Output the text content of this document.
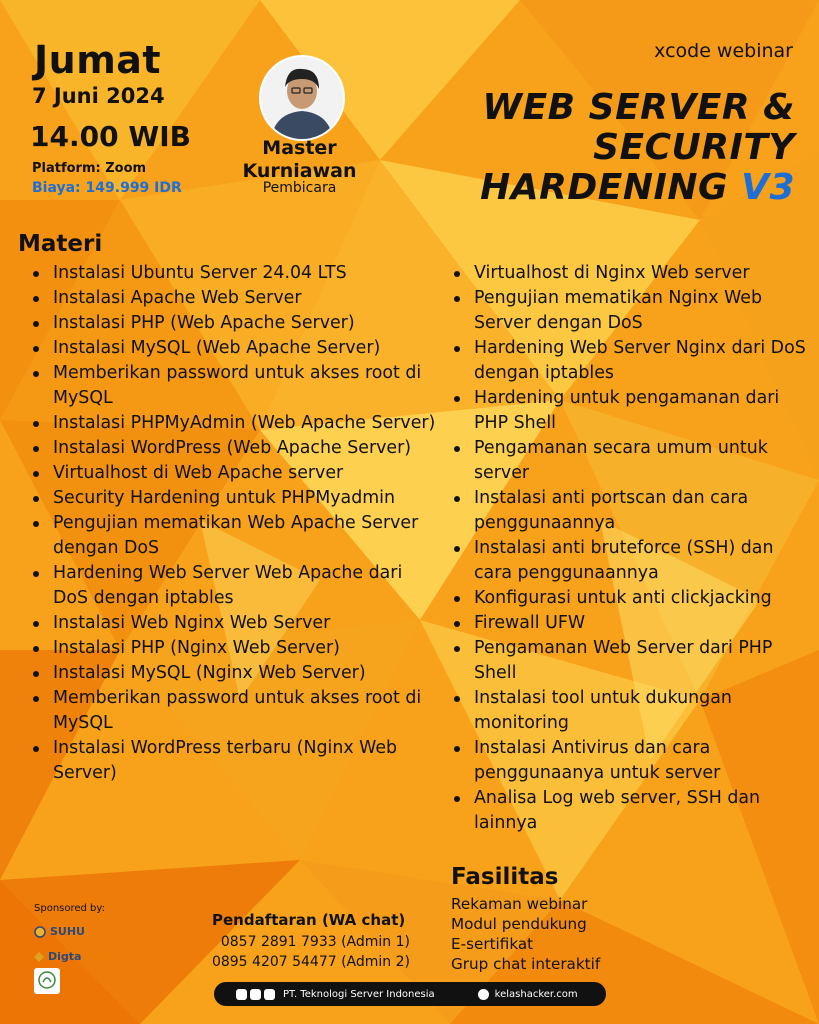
Jumat
7 Juni 2024
14.00 WIB
Platform: Zoom
Biaya: 149.999 IDR
Master
Kurniawan
Pembicara
xcode webinar
WEB SERVER &
SECURITY
HARDENING V3
Materi
Instalasi Ubuntu Server 24.04 LTS
Instalasi Apache Web Server
Instalasi PHP (Web Apache Server)
Instalasi MySQL (Web Apache Server)
Memberikan password untuk akses root di MySQL
Instalasi PHPMyAdmin (Web Apache Server)
Instalasi WordPress (Web Apache Server)
Virtualhost di Web Apache server
Security Hardening untuk PHPMyadmin
Pengujian mematikan Web Apache Server dengan DoS
Hardening Web Server Web Apache dari DoS dengan iptables
Instalasi Web Nginx Web Server
Instalasi PHP (Nginx Web Server)
Instalasi MySQL (Nginx Web Server)
Memberikan password untuk akses root di MySQL
Instalasi WordPress terbaru (Nginx Web Server)
Virtualhost di Nginx Web server
Pengujian mematikan Nginx Web Server dengan DoS
Hardening Web Server Nginx dari DoS dengan iptables
Hardening untuk pengamanan dari PHP Shell
Pengamanan secara umum untuk server
Instalasi anti portscan dan cara penggunaannya
Instalasi anti bruteforce (SSH) dan cara penggunaannya
Konfigurasi untuk anti clickjacking
Firewall UFW
Pengamanan Web Server dari PHP Shell
Instalasi tool untuk dukungan monitoring
Instalasi Antivirus dan cara penggunaanya untuk server
Analisa Log web server, SSH dan lainnya
Fasilitas
Rekaman webinar
Modul pendukung
E-sertifikat
Grup chat interaktif
Sponsored by:
SUHU
Digta
Pendaftaran (WA chat)
0857 2891 7933 (Admin 1)
0895 4207 54477 (Admin 2)
PT. Teknologi Server Indonesia	kelashacker.com
